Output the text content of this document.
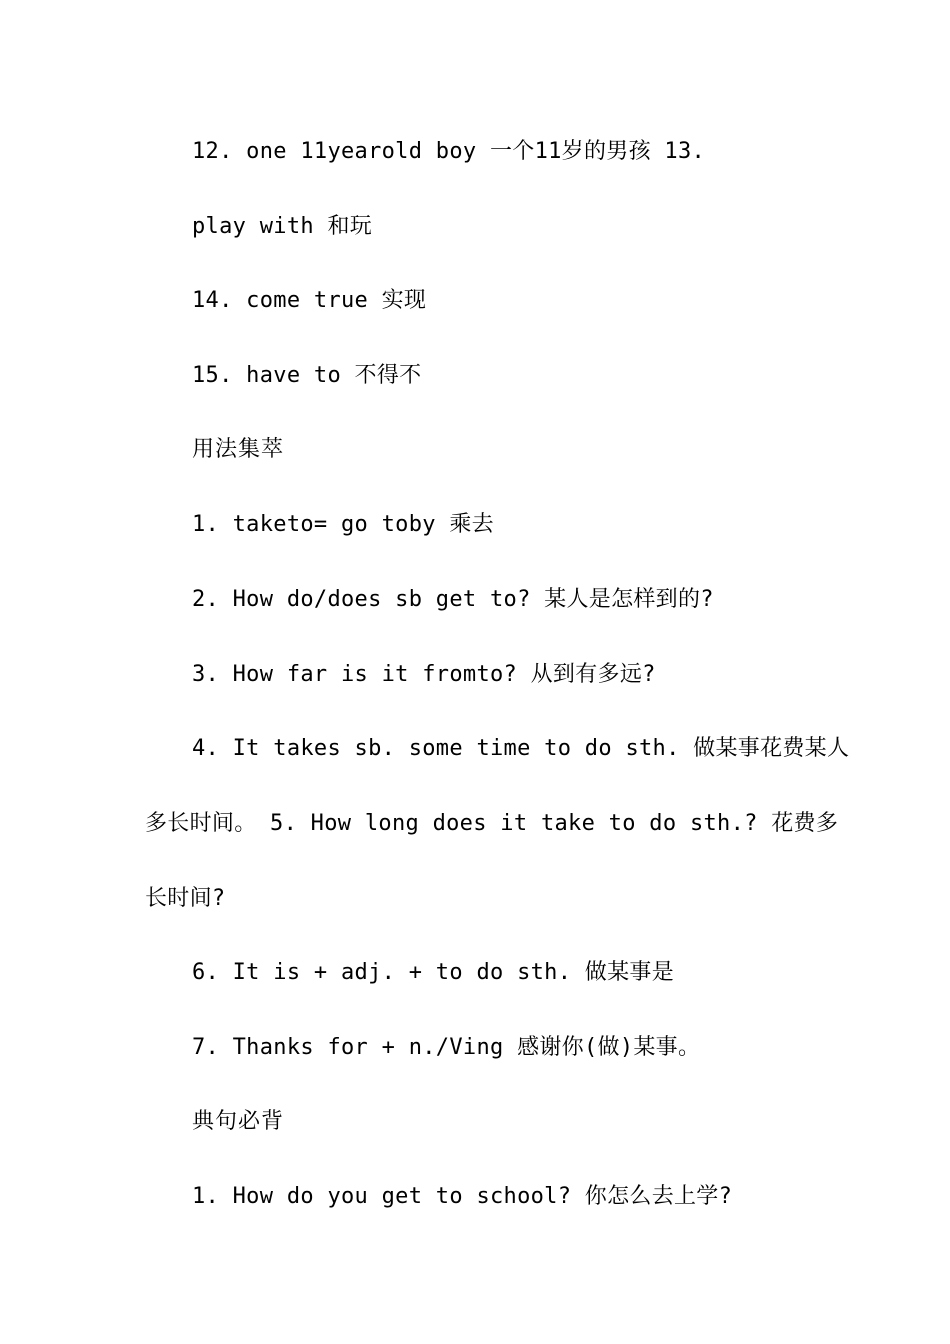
12. one 11yearold boy 一个11岁的男孩 13.
play with 和玩
14. come true 实现
15. have to 不得不
用法集萃
1. taketo= go toby 乘去
2. How do/does sb get to? 某人是怎样到的?
3. How far is it fromto? 从到有多远?
4. It takes sb. some time to do sth. 做某事花费某人
多长时间。 5. How long does it take to do sth.? 花费多
长时间?
6. It is + adj. + to do sth. 做某事是
7. Thanks for + n./Ving 感谢你(做)某事。
典句必背
1. How do you get to school? 你怎么去上学?
